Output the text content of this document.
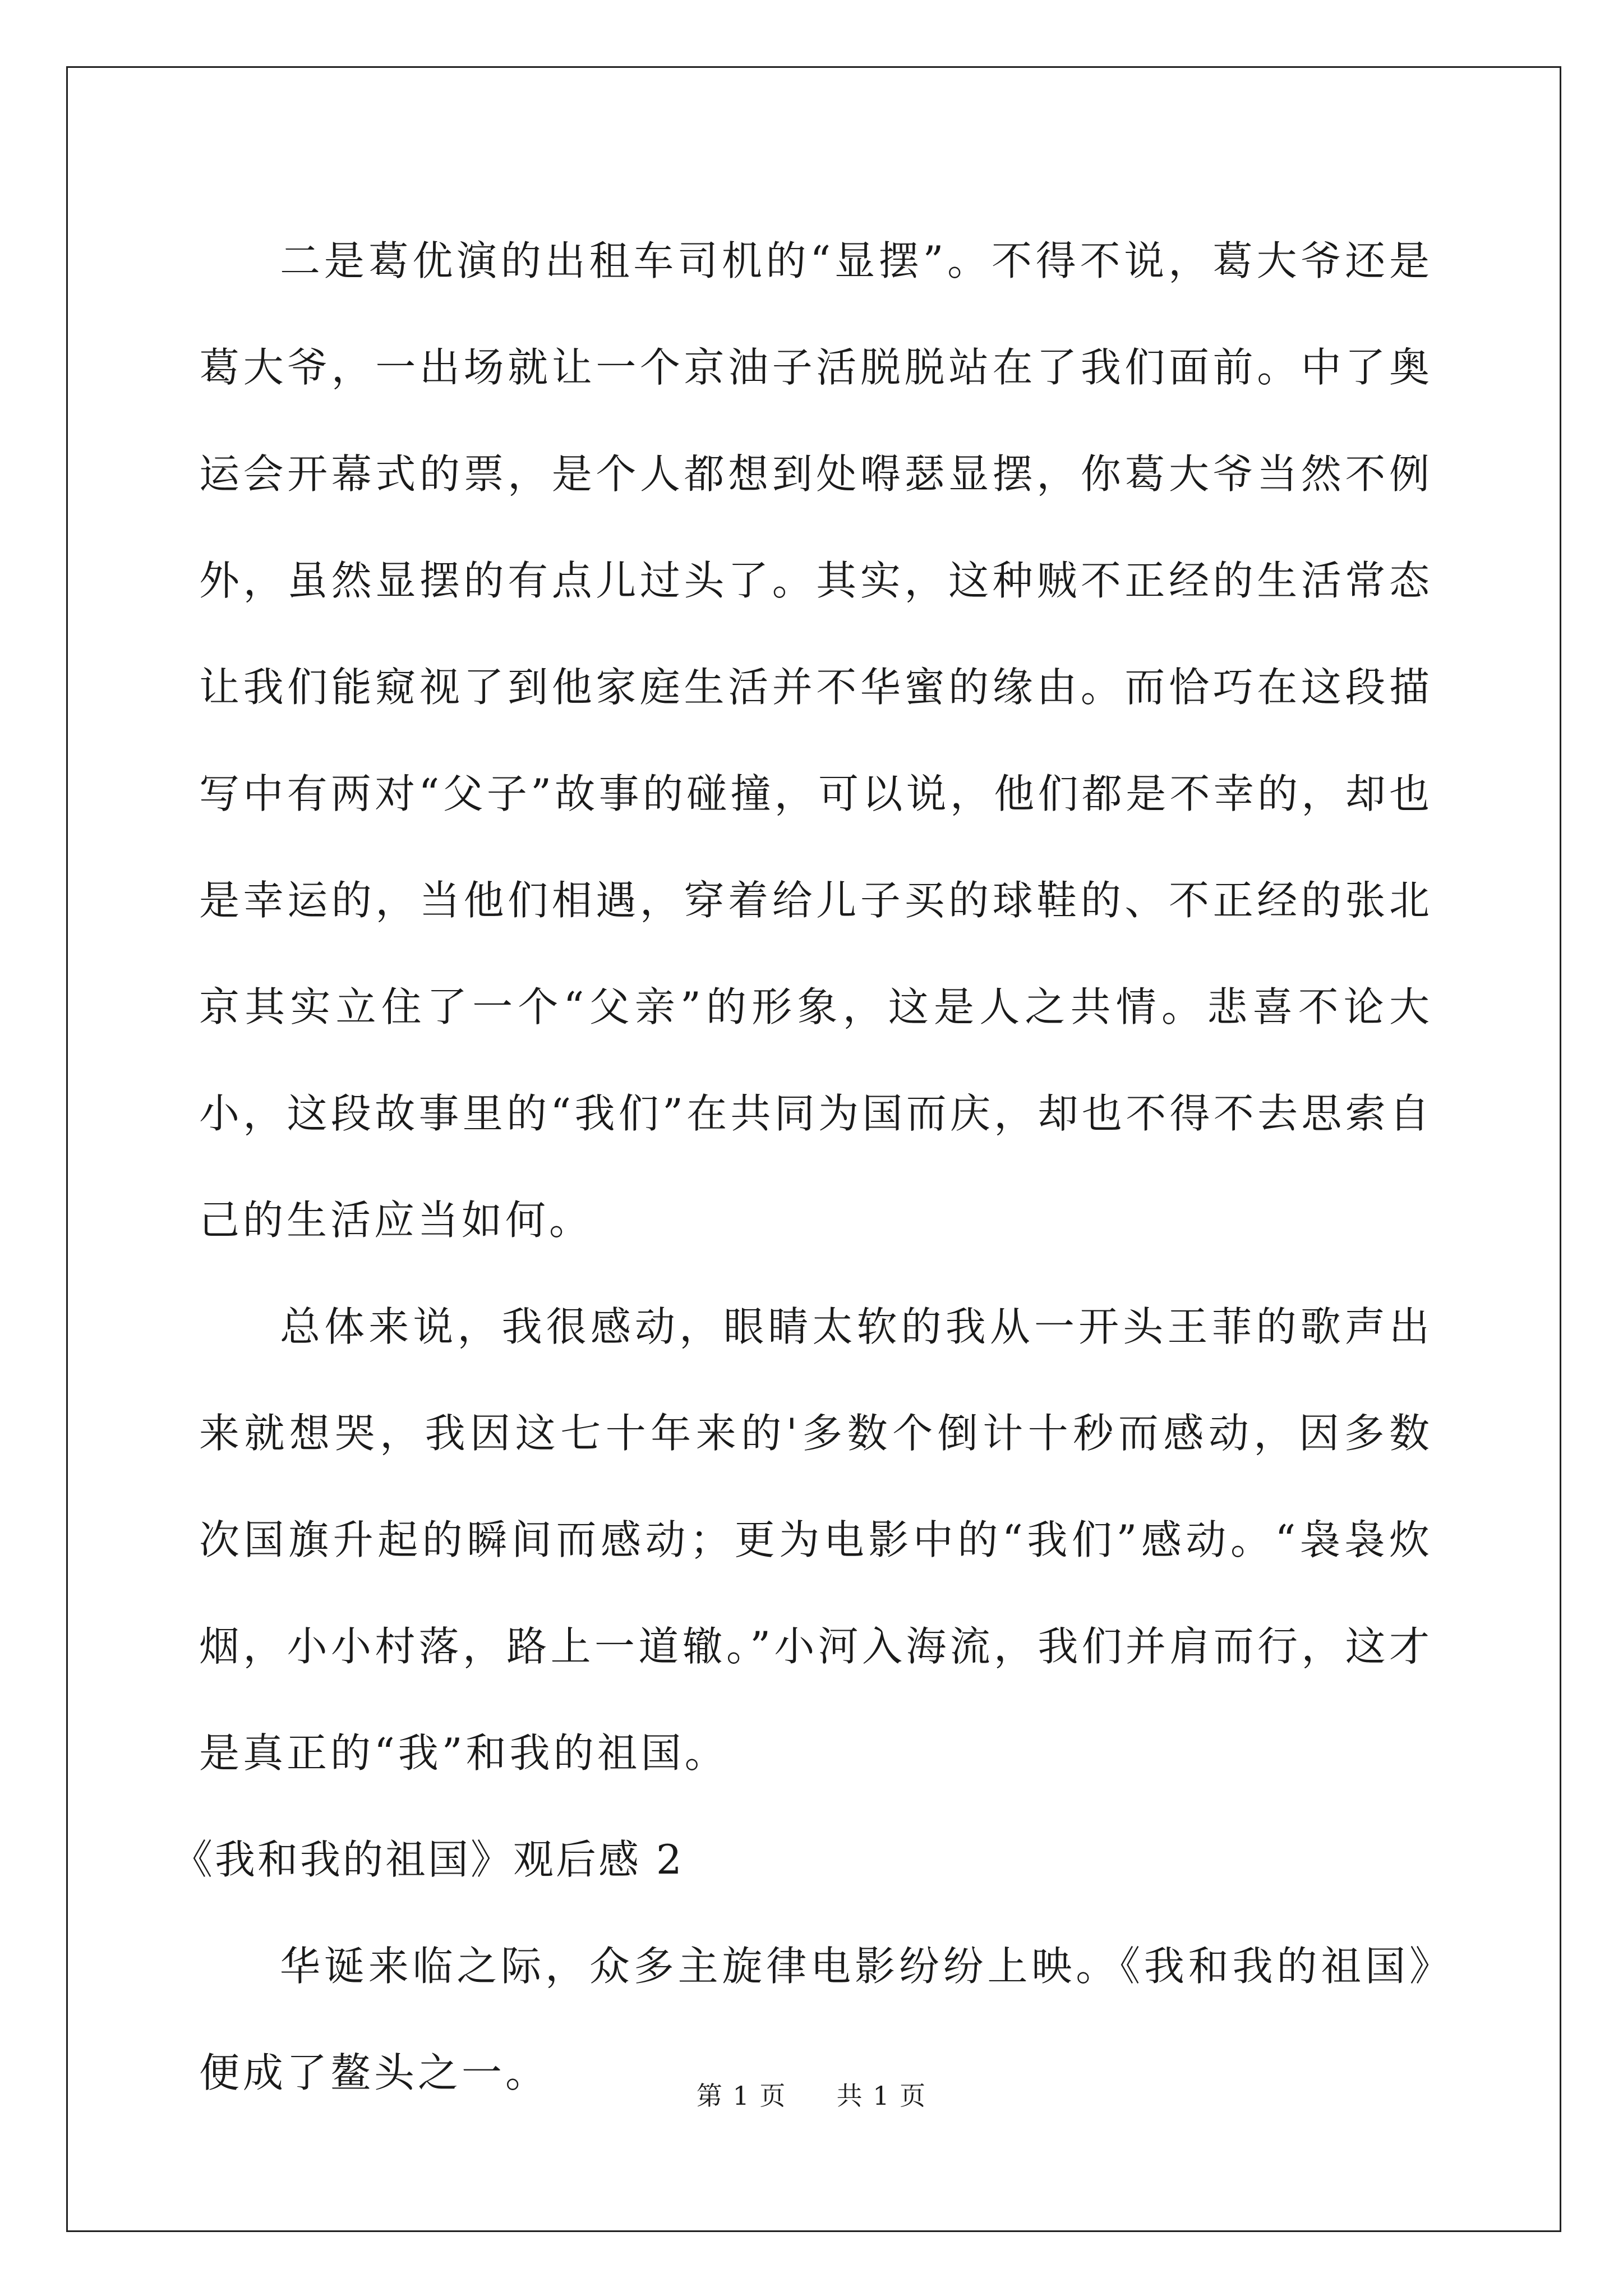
二是葛优演的出租车司机的“显摆”。不得不说，葛大爷还是葛大爷，一出场就让一个京油子活脱脱站在了我们面前。中了奥运会开幕式的票，是个人都想到处嘚瑟显摆，你葛大爷当然不例外，虽然显摆的有点儿过头了。其实，这种贼不正经的生活常态让我们能窥视了到他家庭生活并不华蜜的缘由。而恰巧在这段描写中有两对“父子”故事的碰撞，可以说，他们都是不幸的，却也是幸运的，当他们相遇，穿着给儿子买的球鞋的、不正经的张北京其实立住了一个“父亲”的形象，这是人之共情。悲喜不论大小，这段故事里的“我们”在共同为国而庆，却也不得不去思索自己的生活应当如何。

总体来说，我很感动，眼睛太软的我从一开头王菲的歌声出来就想哭，我因这七十年来的'多数个倒计十秒而感动，因多数次国旗升起的瞬间而感动；更为电影中的“我们”感动。“袅袅炊烟，小小村落，路上一道辙。”小河入海流，我们并肩而行，这才是真正的“我”和我的祖国。

《我和我的祖国》观后感 2

华诞来临之际，众多主旋律电影纷纷上映。《我和我的祖国》便成了鳌头之一。	第 1 页 共 1 页
